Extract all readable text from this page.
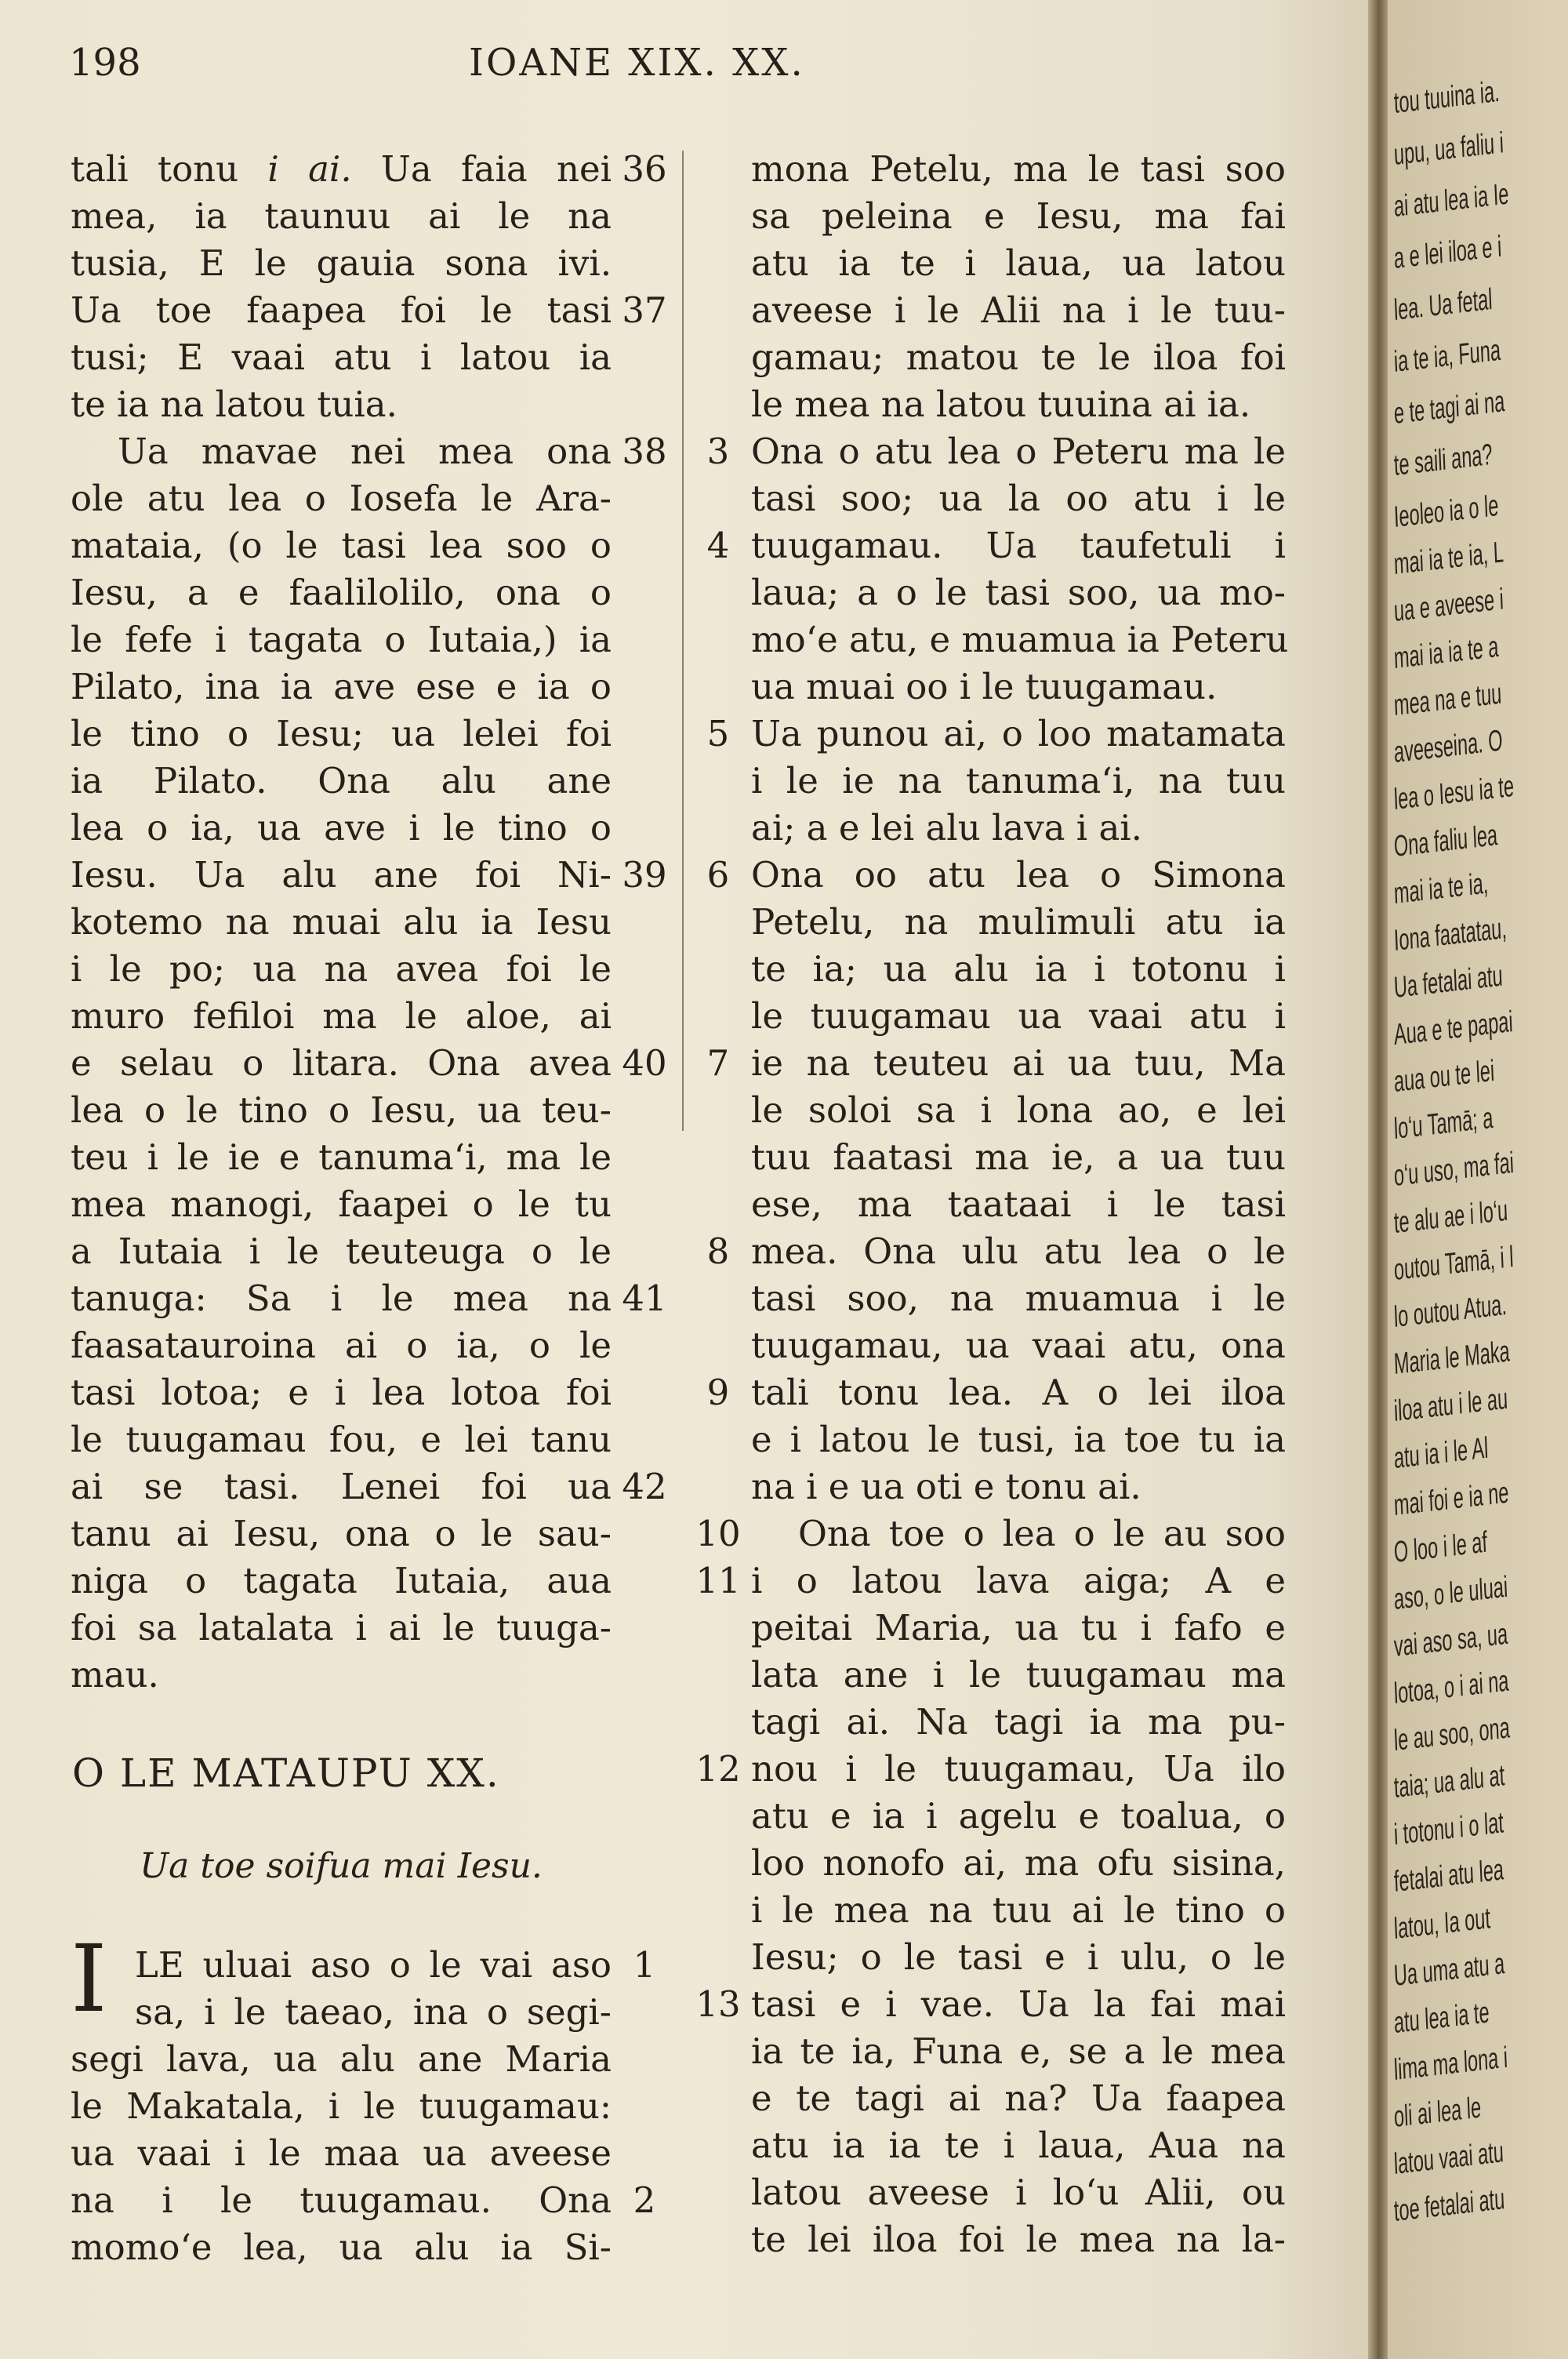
198	IOANE XIX. XX.
tali tonu i ai. Ua faia nei
mea, ia taunuu ai le na
tusia, E le gauia sona ivi.
Ua toe faapea foi le tasi
tusi; E vaai atu i latou ia
te ia na latou tuia.
Ua mavae nei mea ona
ole atu lea o Iosefa le Ara-
mataia, (o le tasi lea soo o
Iesu, a e faalilolilo, ona o
le fefe i tagata o Iutaia,) ia
Pilato, ina ia ave ese e ia o
le tino o Iesu; ua lelei foi
ia Pilato. Ona alu ane
lea o ia, ua ave i le tino o
Iesu. Ua alu ane foi Ni-
kotemo na muai alu ia Iesu
i le po; ua na avea foi le
muro fefiloi ma le aloe, ai
e selau o litara. Ona avea
lea o le tino o Iesu, ua teu-
teu i le ie e tanuma‘i, ma le
mea manogi, faapei o le tu
a Iutaia i le teuteuga o le
tanuga: Sa i le mea na
faasatauroina ai o ia, o le
tasi lotoa; e i lea lotoa foi
le tuugamau fou, e lei tanu
ai se tasi. Lenei foi ua
tanu ai Iesu, ona o le sau-
niga o tagata Iutaia, aua
foi sa latalata i ai le tuuga-
mau.
36
37
38
39
40
41
42
LE uluai aso o le vai aso
sa, i le taeao, ina o segi-
segi lava, ua alu ane Maria
le Makatala, i le tuugamau:
ua vaai i le maa ua aveese
na i le tuugamau. Ona
momo‘e lea, ua alu ia Si-
1
2
mona Petelu, ma le tasi soo
sa peleina e Iesu, ma fai
atu ia te i laua, ua latou
aveese i le Alii na i le tuu-
gamau; matou te le iloa foi
le mea na latou tuuina ai ia.
Ona o atu lea o Peteru ma le
tasi soo; ua la oo atu i le
tuugamau. Ua taufetuli i
laua; a o le tasi soo, ua mo-
mo‘e atu, e muamua ia Peteru
ua muai oo i le tuugamau.
Ua punou ai, o loo matamata
i le ie na tanuma‘i, na tuu
ai; a e lei alu lava i ai.
Ona oo atu lea o Simona
Petelu, na mulimuli atu ia
te ia; ua alu ia i totonu i
le tuugamau ua vaai atu i
ie na teuteu ai ua tuu, Ma
le soloi sa i lona ao, e lei
tuu faatasi ma ie, a ua tuu
ese, ma taataai i le tasi
mea. Ona ulu atu lea o le
tasi soo, na muamua i le
tuugamau, ua vaai atu, ona
tali tonu lea. A o lei iloa
e i latou le tusi, ia toe tu ia
na i e ua oti e tonu ai.
Ona toe o lea o le au soo
i o latou lava aiga; A e
peitai Maria, ua tu i fafo e
lata ane i le tuugamau ma
tagi ai. Na tagi ia ma pu-
nou i le tuugamau, Ua ilo
atu e ia i agelu e toalua, o
loo nonofo ai, ma ofu sisina,
i le mea na tuu ai le tino o
Iesu; o le tasi e i ulu, o le
tasi e i vae. Ua la fai mai
ia te ia, Funa e, se a le mea
e te tagi ai na? Ua faapea
atu ia ia te i laua, Aua na
latou aveese i lo‘u Alii, ou
te lei iloa foi le mea na la-
3
4
5
6
7
8
9
10
11
12
13
O LE MATAUPU XX.
Ua toe soifua mai Iesu.
I
tou tuuina ia.
upu, ua faliu i
ai atu lea ia Ie
a e lei iloa e i
lea. Ua fetal
ia te ia, Funa
e te tagi ai na
te saili ana?
Ieoleo ia o le
mai ia te ia, L
ua e aveese i
mai ia ia te a
mea na e tuu
aveeseina. O
lea o Iesu ia te
Ona faliu lea
mai ia te ia,
Iona faatatau,
Ua fetalai atu
Aua e te papai
aua ou te lei
lo‘u Tamā; a
o‘u uso, ma fai
te alu ae i lo‘u
outou Tamā, i l
lo outou Atua.
Maria le Maka
iloa atu i le au
atu ia i le Al
mai foi e ia ne
O loo i le af
aso, o le uluai
vai aso sa, ua
lotoa, o i ai na
le au soo, ona
taia; ua alu at
i totonu i o lat
fetalai atu lea
latou, Ia out
Ua uma atu a
atu lea ia te
lima ma lona i
oli ai lea le
latou vaai atu
toe fetalai atu
